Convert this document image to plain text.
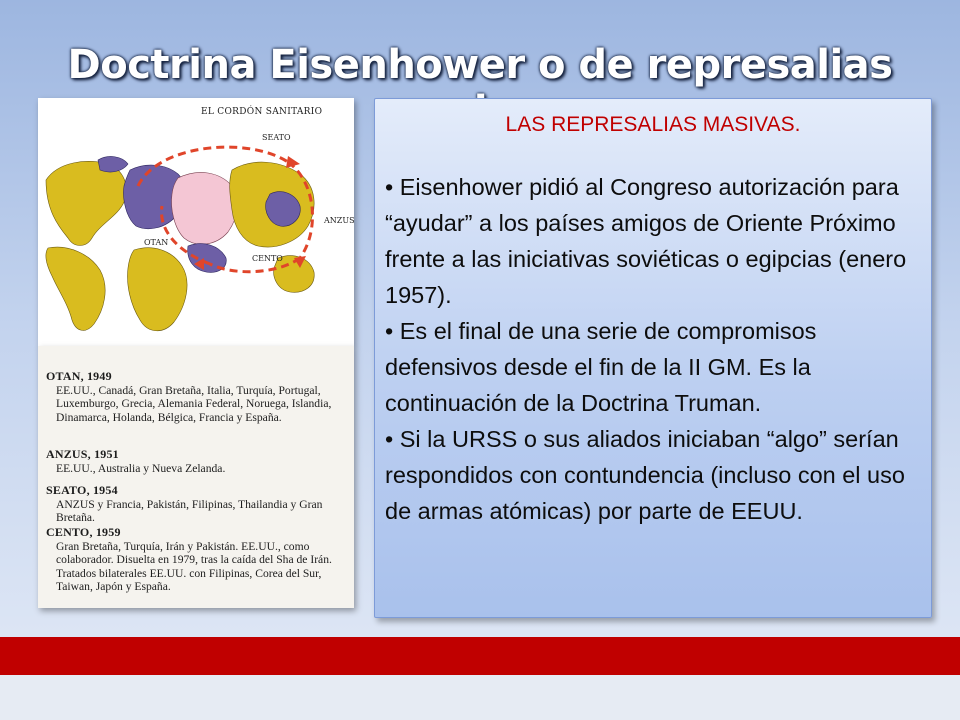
Doctrina Eisenhower o de represalias
EL CORDÓN SANITARIO
SEATO
ANZUS
OTAN
CENTO
OTAN, 1949
EE.UU., Canadá, Gran Bretaña, Italia, Turquía, Portugal, Luxemburgo, Grecia, Alemania Federal, Noruega, Islandia, Dinamarca, Holanda, Bélgica, Francia y España.
ANZUS, 1951
EE.UU., Australia y Nueva Zelanda.
SEATO, 1954
ANZUS y Francia, Pakistán, Filipinas, Thailandia y Gran Bretaña.
CENTO, 1959
Gran Bretaña, Turquía, Irán y Pakistán. EE.UU., como colaborador. Disuelta en 1979, tras la caída del Sha de Irán. Tratados bilaterales EE.UU. con Filipinas, Corea del Sur, Taiwan, Japón y España.
LAS REPRESALIAS MASIVAS.

• Eisenhower pidió al Congreso autorización para “ayudar” a los países amigos de Oriente Próximo frente a las iniciativas soviéticas o egipcias (enero 1957).

• Es el final de una serie de compromisos defensivos desde el fin de la II GM. Es la continuación de la Doctrina Truman.

• Si la URSS o sus aliados iniciaban “algo” serían respondidos con contundencia (incluso con el uso de armas atómicas) por parte de EEUU.
